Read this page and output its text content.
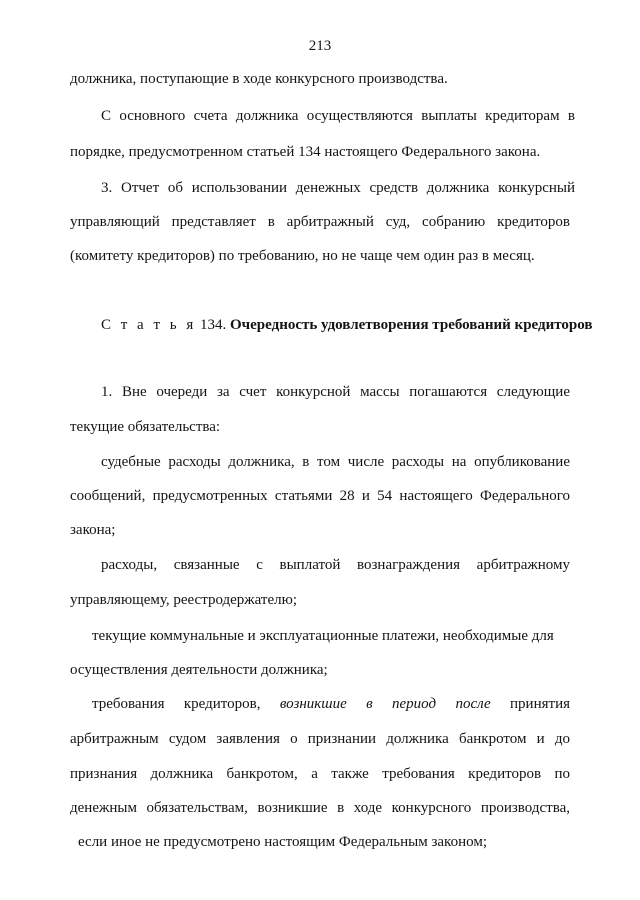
213
должника, поступающие в ходе конкурсного производства.
С основного счета должника осуществляются выплаты кредиторам в
порядке, предусмотренном статьей 134 настоящего Федерального закона.
3. Отчет об использовании денежных средств должника конкурсный
управляющий представляет в арбитражный суд, собранию кредиторов
(комитету кредиторов) по требованию, но не чаще чем один раз в месяц.
С т а т ь я 134. Очередность удовлетворения требований кредиторов
1. Вне очереди за счет конкурсной массы погашаются следующие
текущие обязательства:
судебные расходы должника, в том числе расходы на опубликование
сообщений, предусмотренных статьями 28 и 54 настоящего Федерального
закона;
расходы, связанные с выплатой вознаграждения арбитражному
управляющему, реестродержателю;
текущие коммунальные и эксплуатационные платежи, необходимые для
осуществления деятельности должника;
требования кредиторов, возникшие в период после принятия
арбитражным судом заявления о признании должника банкротом и до
признания должника банкротом, а также требования кредиторов по
денежным обязательствам, возникшие в ходе конкурсного производства,
если иное не предусмотрено настоящим Федеральным законом;
